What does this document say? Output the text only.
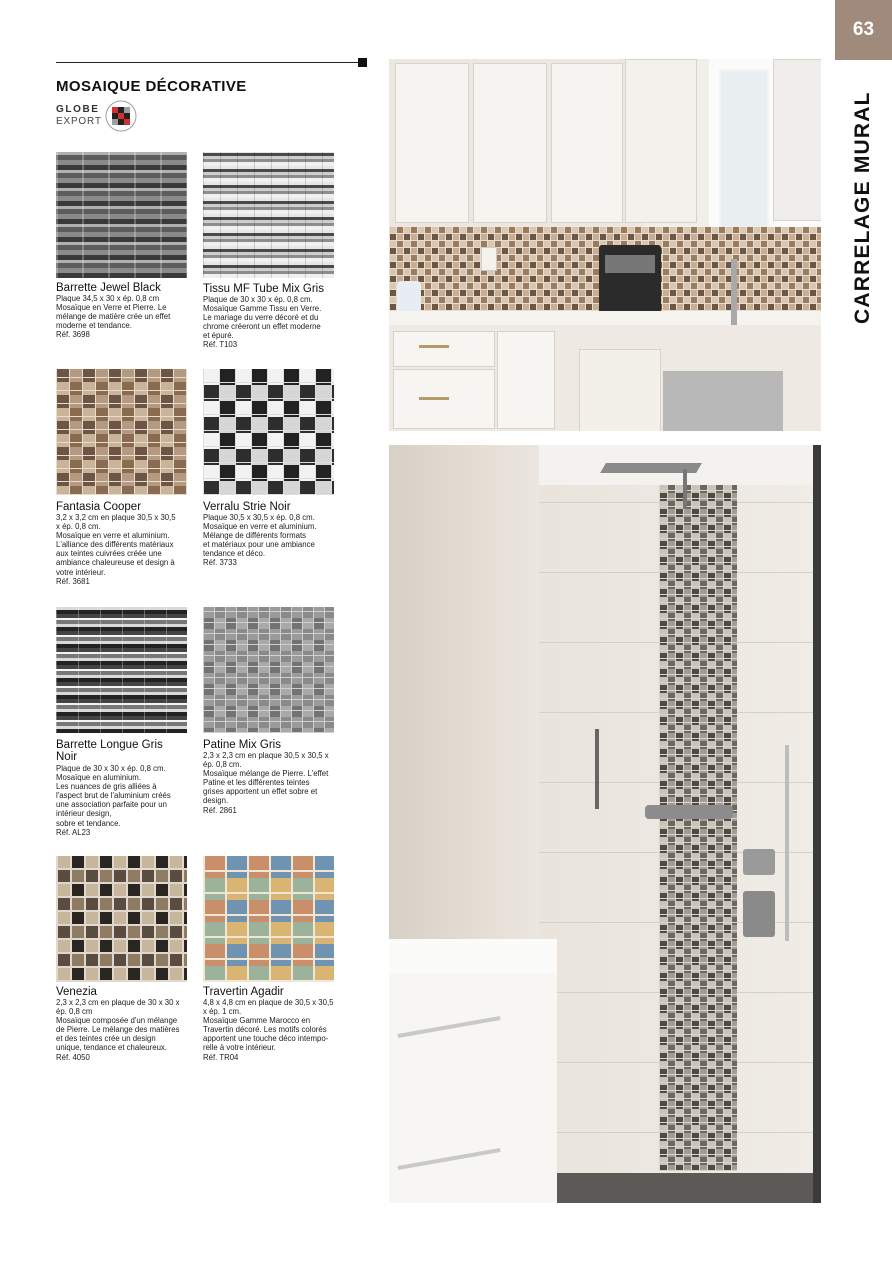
MOSAIQUE DÉCORATIVE
GLOBE
EXPORT
63
CARRELAGE MURAL
Barrette Jewel Black
Plaque 34,5 x 30 x ép. 0,8 cm
Mosaïque en Verre et Pierre. Le
mélange de matière crée un effet
moderne et tendance.
Réf. 3698
Tissu MF Tube Mix Gris
Plaque de 30 x 30 x ép. 0,8 cm.
Mosaïque Gamme Tissu en Verre.
Le mariage du verre décoré et du
chrome créeront un effet moderne
et épuré.
Réf. T103
Fantasia Cooper
3,2 x 3,2 cm en plaque 30,5 x 30,5
x ép. 0,8 cm.
Mosaïque en verre et aluminium.
L'alliance des différents matériaux
aux teintes cuivrées créée une
ambiance chaleureuse et design à
votre intérieur.
Réf. 3681
Verralu Strie Noir
Plaque 30,5 x 30,5 x ép. 0,8 cm.
Mosaïque en verre et aluminium.
Mélange de différents formats
et matériaux pour une ambiance
tendance et déco.
Réf. 3733
Barrette Longue Gris Noir
Plaque de 30 x 30 x ép. 0,8 cm.
Mosaïque en aluminium.
Les nuances de gris alliées à
l'aspect brut de l'aluminium créés
une association parfaite pour un
intérieur design,
sobre et tendance.
Réf. AL23
Patine Mix Gris
2,3 x 2,3 cm en plaque 30,5 x 30,5 x
ép. 0,8 cm.
Mosaïque mélange de Pierre. L'effet
Patine et les différentes teintes
grises apportent un effet sobre et
design.
Réf. 2861
Venezia
2,3 x 2,3 cm en plaque de 30 x 30 x
ép. 0,8 cm
Mosaïque composée d'un mélange
de Pierre. Le mélange des matières
et des teintes crée un design
unique, tendance et chaleureux.
Réf. 4050
Travertin Agadir
4,8 x 4,8 cm en plaque de 30,5 x 30,5
x ép. 1 cm.
Mosaïque Gamme Marocco en
Travertin décoré. Les motifs colorés
apportent une touche déco intempo-
relle à votre intérieur.
Réf. TR04
